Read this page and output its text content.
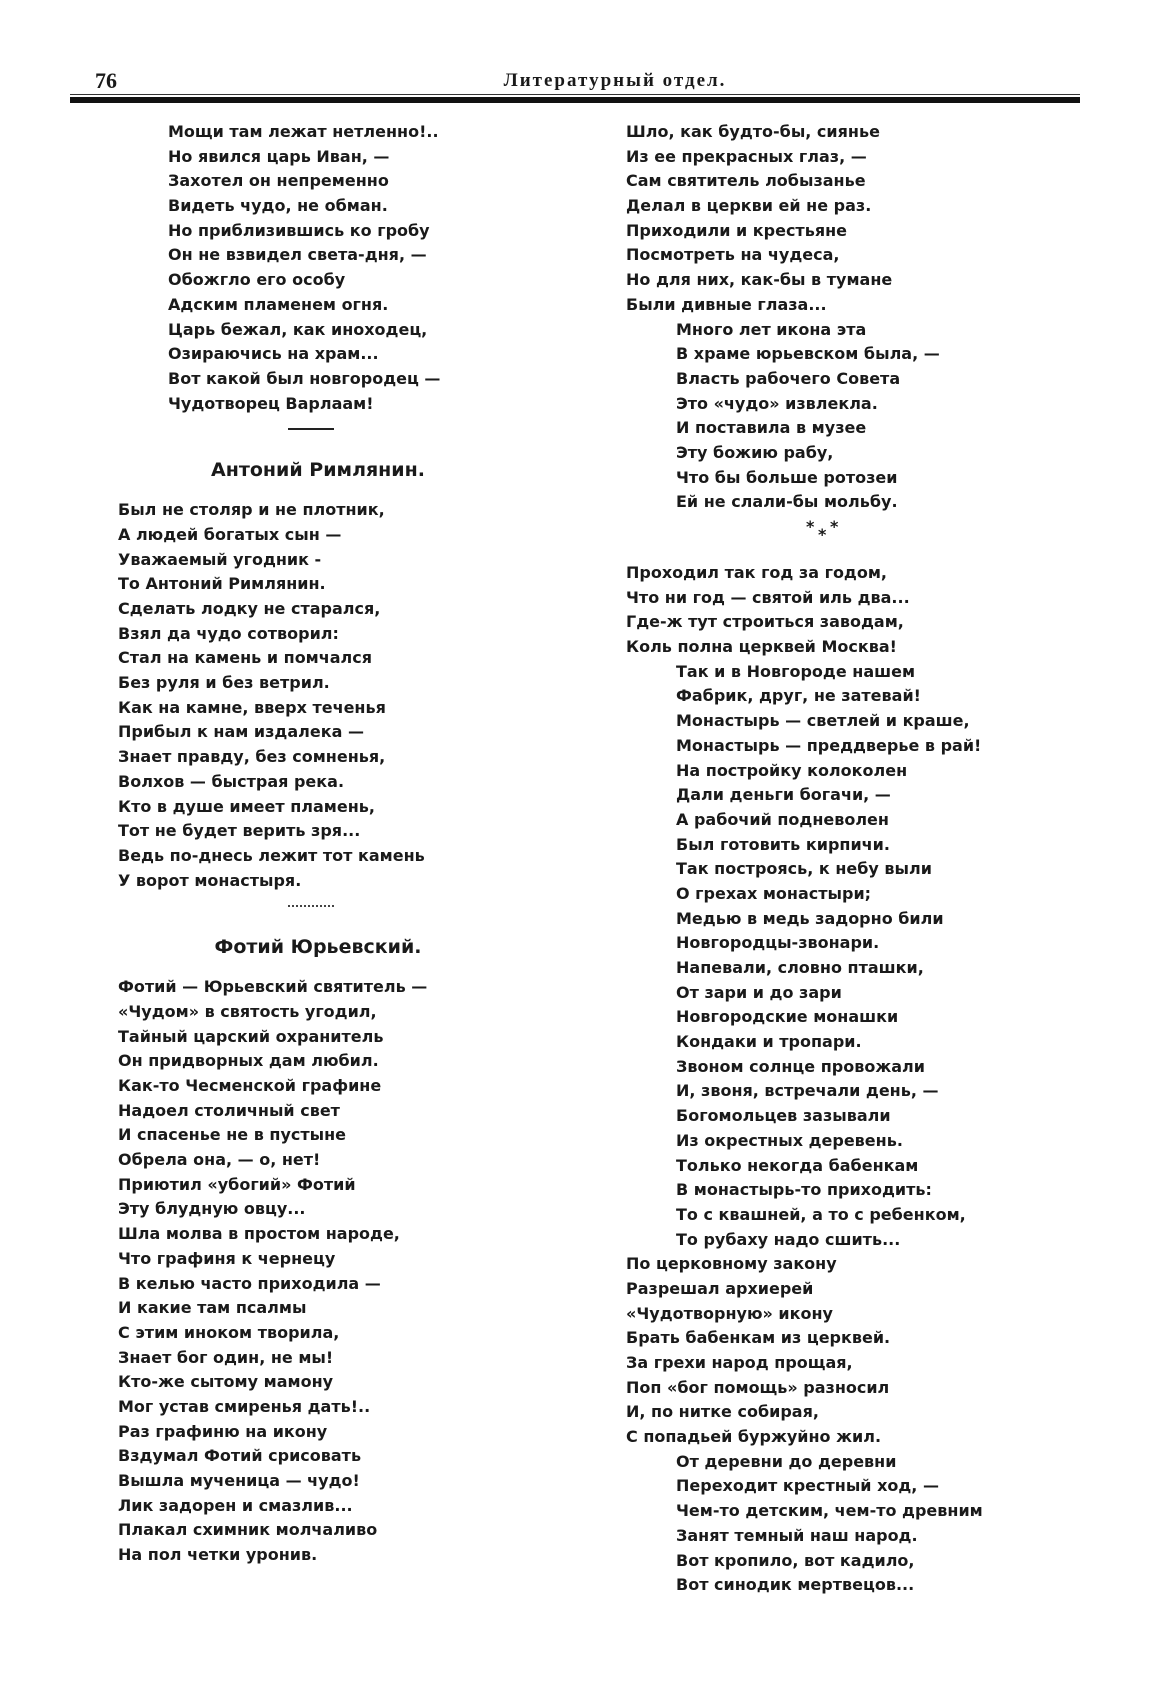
76	Литературный отдел.
Мощи там лежат нетленно!..
Но явился царь Иван, —
Захотел он непременно
Видеть чудо, не обман.
Но приблизившись ко гробу
Он не взвидел света-дня, —
Обожгло его особу
Адским пламенем огня.
Царь бежал, как иноходец,
Озираючись на храм...
Вот какой был новгородец —
Чудотворец Варлаам!
Антоний Римлянин.
Был не столяр и не плотник,
А людей богатых сын —
Уважаемый угодник -
То Антоний Римлянин.
Сделать лодку не старался,
Взял да чудо сотворил:
Стал на камень и помчался
Без руля и без ветрил.
Как на камне, вверх теченья
Прибыл к нам издалека —
Знает правду, без сомненья,
Волхов — быстрая река.
Кто в душе имеет пламень,
Тот не будет верить зря...
Ведь по-днесь лежит тот камень
У ворот монастыря.
Фотий Юрьевский.
Фотий — Юрьевский святитель —
«Чудом» в святость угодил,
Тайный царский охранитель
Он придворных дам любил.
Как-то Чесменской графине
Надоел столичный свет
И спасенье не в пустыне
Обрела она, — о, нет!
Приютил «убогий» Фотий
Эту блудную овцу...
Шла молва в простом народе,
Что графиня к чернецу
В келью часто приходила —
И какие там псалмы
С этим иноком творила,
Знает бог один, не мы!
Кто-же сытому мамону
Мог устав смиренья дать!..
Раз графиню на икону
Вздумал Фотий срисовать
Вышла мученица — чудо!
Лик задорен и смазлив...
Плакал схимник молчаливо
На пол четки уронив.
Шло, как будто-бы, сиянье
Из ее прекрасных глаз, —
Сам святитель лобызанье
Делал в церкви ей не раз.
Приходили и крестьяне
Посмотреть на чудеса,
Но для них, как-бы в тумане
Были дивные глаза...
Много лет икона эта
В храме юрьевском была, —
Власть рабочего Совета
Это «чудо» извлекла.
И поставила в музее
Эту божию рабу,
Что бы больше ротозеи
Ей не слали-бы мольбу.
* * *
Проходил так год за годом,
Что ни год — святой иль два...
Где-ж тут строиться заводам,
Коль полна церквей Москва!
Так и в Новгороде нашем
Фабрик, друг, не затевай!
Монастырь — светлей и краше,
Монастырь — преддверье в рай!
На постройку колоколен
Дали деньги богачи, —
А рабочий подневолен
Был готовить кирпичи.
Так построясь, к небу выли
О грехах монастыри;
Медью в медь задорно били
Новгородцы-звонари.
Напевали, словно пташки,
От зари и до зари
Новгородские монашки
Кондаки и тропари.
Звоном солнце провожали
И, звоня, встречали день, —
Богомольцев зазывали
Из окрестных деревень.
Только некогда бабенкам
В монастырь-то приходить:
То с квашней, а то с ребенком,
То рубаху надо сшить...
По церковному закону
Разрешал архиерей
«Чудотворную» икону
Брать бабенкам из церквей.
За грехи народ прощая,
Поп «бог помощь» разносил
И, по нитке собирая,
С попадьей буржуйно жил.
От деревни до деревни
Переходит крестный ход, —
Чем-то детским, чем-то древним
Занят темный наш народ.
Вот кропило, вот кадило,
Вот синодик мертвецов...
